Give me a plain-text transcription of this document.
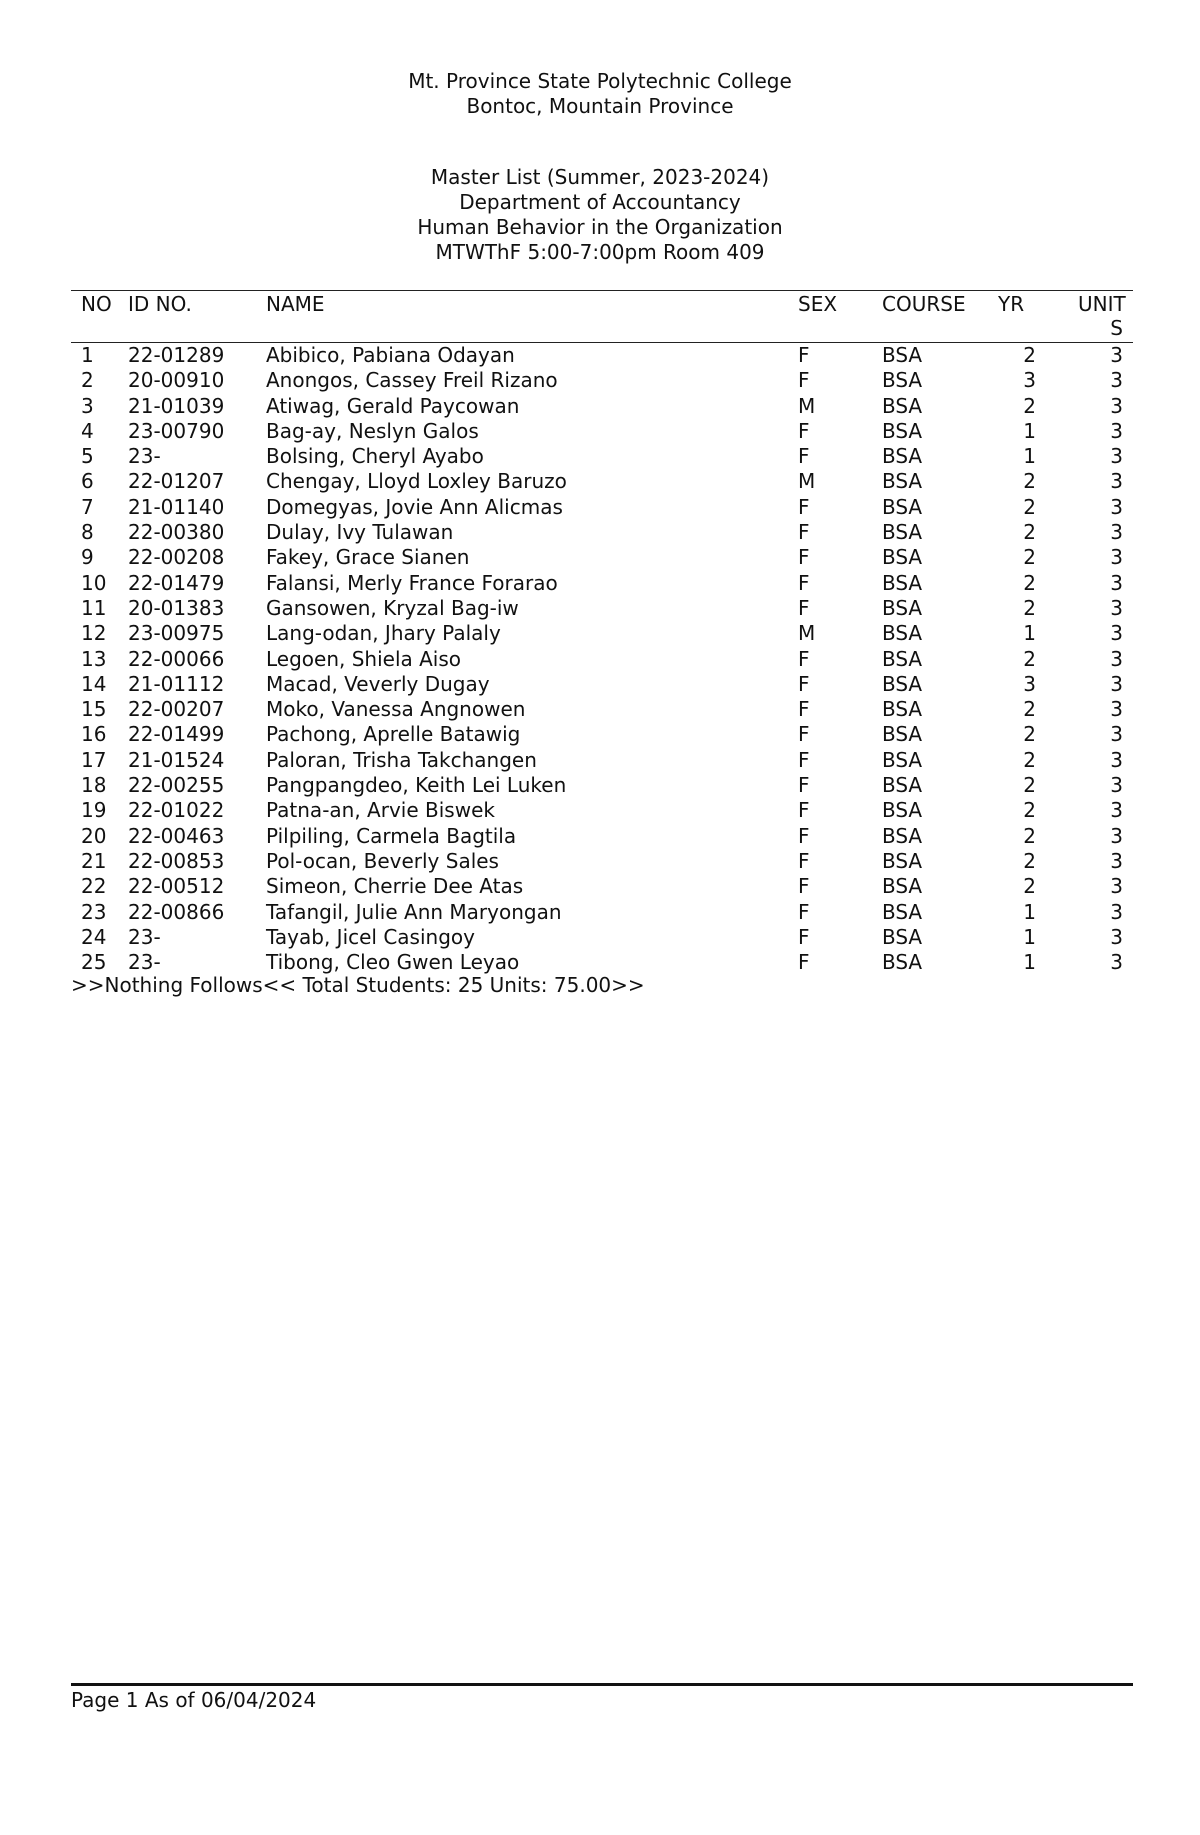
Mt. Province State Polytechnic College
Bontoc, Mountain Province
Master List (Summer, 2023-2024)
Department of Accountancy
Human Behavior in the Organization
MTWThF 5:00-7:00pm Room 409
NO	ID NO.	NAME	SEX	COURSE	YR	UNIT
S

1	22-01289	Abibico, Pabiana Odayan	F	BSA	2	3
2	20-00910	Anongos, Cassey Freil Rizano	F	BSA	3	3
3	21-01039	Atiwag, Gerald Paycowan	M	BSA	2	3
4	23-00790	Bag-ay, Neslyn Galos	F	BSA	1	3
5	23-	Bolsing, Cheryl Ayabo	F	BSA	1	3
6	22-01207	Chengay, Lloyd Loxley Baruzo	M	BSA	2	3
7	21-01140	Domegyas, Jovie Ann Alicmas	F	BSA	2	3
8	22-00380	Dulay, Ivy Tulawan	F	BSA	2	3
9	22-00208	Fakey, Grace Sianen	F	BSA	2	3
10	22-01479	Falansi, Merly France Forarao	F	BSA	2	3
11	20-01383	Gansowen, Kryzal Bag-iw	F	BSA	2	3
12	23-00975	Lang-odan, Jhary Palaly	M	BSA	1	3
13	22-00066	Legoen, Shiela Aiso	F	BSA	2	3
14	21-01112	Macad, Veverly Dugay	F	BSA	3	3
15	22-00207	Moko, Vanessa Angnowen	F	BSA	2	3
16	22-01499	Pachong, Aprelle Batawig	F	BSA	2	3
17	21-01524	Paloran, Trisha Takchangen	F	BSA	2	3
18	22-00255	Pangpangdeo, Keith Lei Luken	F	BSA	2	3
19	22-01022	Patna-an, Arvie Biswek	F	BSA	2	3
20	22-00463	Pilpiling, Carmela Bagtila	F	BSA	2	3
21	22-00853	Pol-ocan, Beverly Sales	F	BSA	2	3
22	22-00512	Simeon, Cherrie Dee Atas	F	BSA	2	3
23	22-00866	Tafangil, Julie Ann Maryongan	F	BSA	1	3
24	23-	Tayab, Jicel Casingoy	F	BSA	1	3
25	23-	Tibong, Cleo Gwen Leyao	F	BSA	1	3
>>Nothing Follows<< Total Students: 25 Units: 75.00>>
Page 1 As of 06/04/2024
